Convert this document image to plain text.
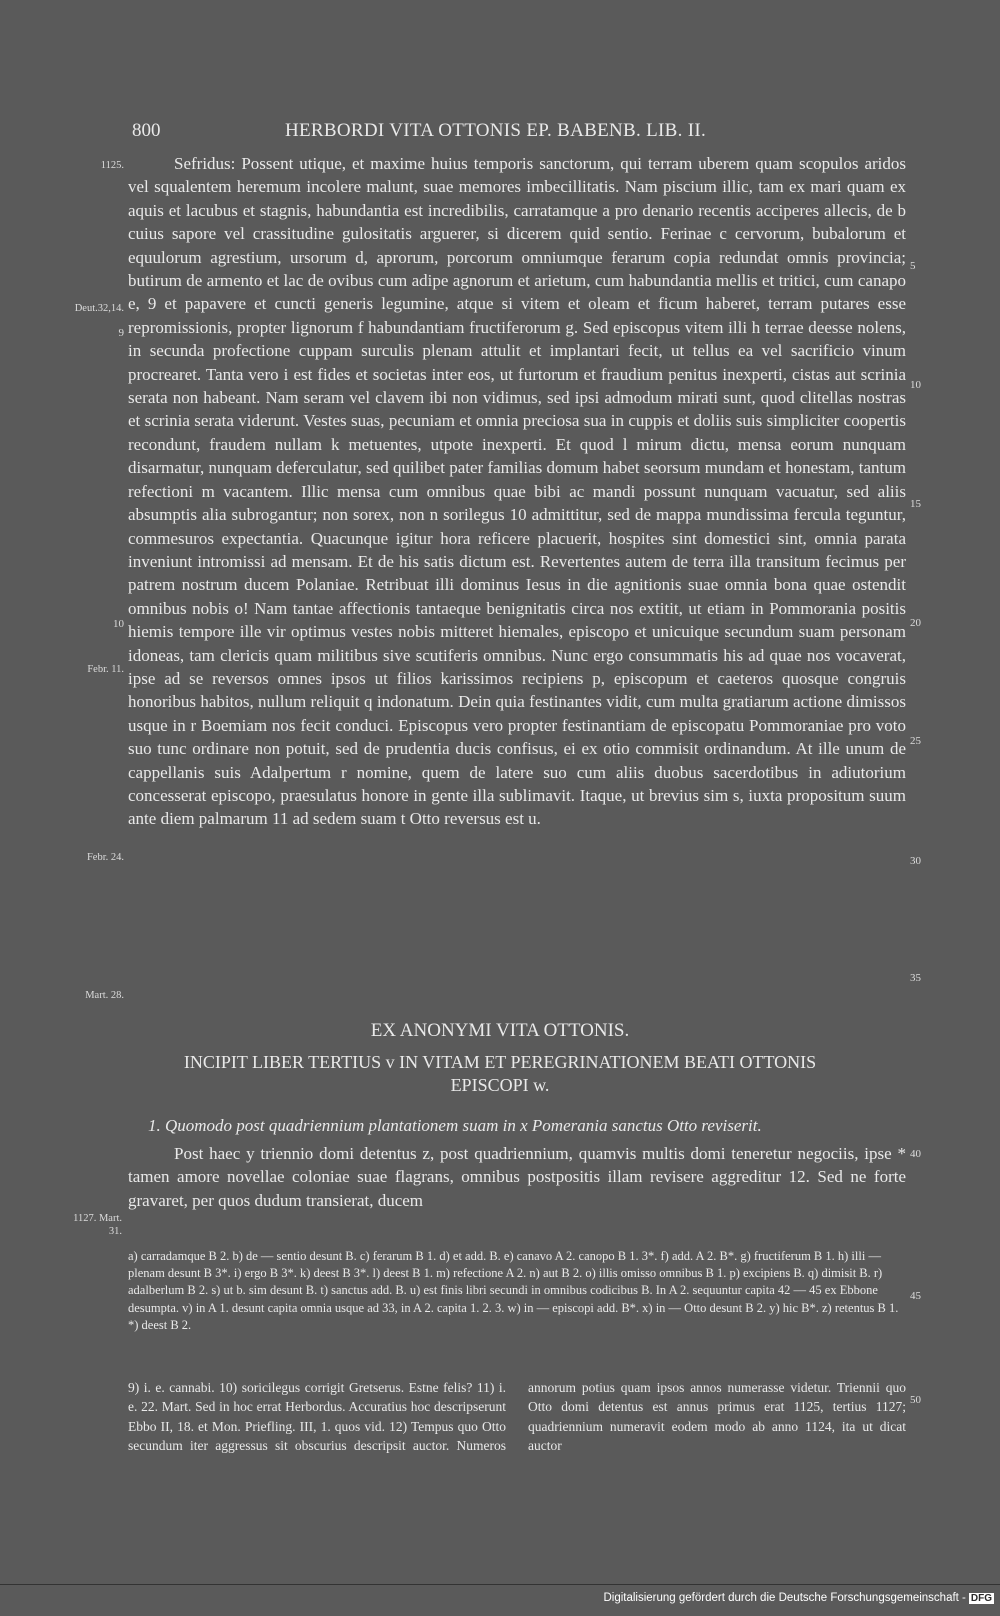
800	HERBORDI VITA OTTONIS EP. BABENB. LIB. II.
1125.
Deut.32,14.
9
10
Febr. 11.
Febr. 24.
Mart. 28.
5
10
15
20
25
30
35
40
45
50

Sefridus: Possent utique, et maxime huius temporis sanctorum, qui terram uberem quam scopulos aridos vel squalentem heremum incolere malunt, suae memores imbecillitatis. Nam piscium illic, tam ex mari quam ex aquis et lacubus et stagnis, habundantia est incredibilis, carratamque a pro denario recentis acciperes allecis, de b cuius sapore vel crassitudine gulositatis arguerer, si dicerem quid sentio. Ferinae c cervorum, bubalorum et equulorum agrestium, ursorum d, aprorum, porcorum omniumque ferarum copia redundat omnis provincia; butirum de armento et lac de ovibus cum adipe agnorum et arietum, cum habundantia mellis et tritici, cum canapo e, 9 et papavere et cuncti generis legumine, atque si vitem et oleam et ficum haberet, terram putares esse repromissionis, propter lignorum f habundantiam fructiferorum g. Sed episcopus vitem illi h terrae deesse nolens, in secunda profectione cuppam surculis plenam attulit et implantari fecit, ut tellus ea vel sacrificio vinum procrearet. Tanta vero i est fides et societas inter eos, ut furtorum et fraudium penitus inexperti, cistas aut scrinia serata non habeant. Nam seram vel clavem ibi non vidimus, sed ipsi admodum mirati sunt, quod clitellas nostras et scrinia serata viderunt. Vestes suas, pecuniam et omnia preciosa sua in cuppis et doliis suis simpliciter coopertis recondunt, fraudem nullam k metuentes, utpote inexperti. Et quod l mirum dictu, mensa eorum nunquam disarmatur, nunquam deferculatur, sed quilibet pater familias domum habet seorsum mundam et honestam, tantum refectioni m vacantem. Illic mensa cum omnibus quae bibi ac mandi possunt nunquam vacuatur, sed aliis absumptis alia subrogantur; non sorex, non n sorilegus 10 admittitur, sed de mappa mundissima fercula teguntur, commesuros expectantia. Quacunque igitur hora reficere placuerit, hospites sint domestici sint, omnia parata inveniunt intromissi ad mensam. Et de his satis dictum est. Revertentes autem de terra illa transitum fecimus per patrem nostrum ducem Polaniae. Retribuat illi dominus Iesus in die agnitionis suae omnia bona quae ostendit omnibus nobis o! Nam tantae affectionis tantaeque benignitatis circa nos extitit, ut etiam in Pommorania positis hiemis tempore ille vir optimus vestes nobis mitteret hiemales, episcopo et unicuique secundum suam personam idoneas, tam clericis quam militibus sive scutiferis omnibus. Nunc ergo consummatis his ad quae nos vocaverat, ipse ad se reversos omnes ipsos ut filios karissimos recipiens p, episcopum et caeteros quosque congruis honoribus habitos, nullum reliquit q indonatum. Dein quia festinantes vidit, cum multa gratiarum actione dimissos usque in r Boemiam nos fecit conduci. Episcopus vero propter festinantiam de episcopatu Pommoraniae pro voto suo tunc ordinare non potuit, sed de prudentia ducis confisus, ei ex otio commisit ordinandum. At ille unum de cappellanis suis Adalpertum r nomine, quem de latere suo cum aliis duobus sacerdotibus in adiutorium concesserat episcopo, praesulatus honore in gente illa sublimavit. Itaque, ut brevius sim s, iuxta propositum suum ante diem palmarum 11 ad sedem suam t Otto reversus est u.

EX ANONYMI VITA OTTONIS.
INCIPIT LIBER TERTIUS v IN VITAM ET PEREGRINATIONEM BEATI OTTONIS
EPISCOPI w.
1. Quomodo post quadriennium plantationem suam in x Pomerania sanctus Otto reviserit.

Post haec y triennio domi detentus z, post quadriennium, quamvis multis domi teneretur negociis, ipse * tamen amore novellae coloniae suae flagrans, omnibus postpositis illam revisere aggreditur 12. Sed ne forte gravaret, per quos dudum transierat, ducem

1127. Mart. 31.
a) carradamque B 2. b) de — sentio desunt B. c) ferarum B 1. d) et add. B. e) canavo A 2. canopo B 1. 3*. f) add. A 2. B*. g) fructiferum B 1. h) illi — plenam desunt B 3*. i) ergo B 3*. k) deest B 3*. l) deest B 1. m) refectione A 2. n) aut B 2. o) illis omisso omnibus B 1. p) excipiens B. q) dimisit B. r) adalberlum B 2. s) ut b. sim desunt B. t) sanctus add. B. u) est finis libri secundi in omnibus codicibus B. In A 2. sequuntur capita 42 — 45 ex Ebbone desumpta. v) in A 1. desunt capita omnia usque ad 33, in A 2. capita 1. 2. 3. w) in — episcopi add. B*. x) in — Otto desunt B 2. y) hic B*. z) retentus B 1. *) deest B 2.
9) i. e. cannabi. 10) soricilegus corrigit Gretserus. Estne felis? 11) i. e. 22. Mart. Sed in hoc errat Herbordus. Accuratius hoc descripserunt Ebbo II, 18. et Mon. Priefling. III, 1. quos vid. 12) Tempus quo Otto secundum iter aggressus sit obscurius descripsit auctor. Numeros annorum potius quam ipsos annos numerasse videtur. Triennii quo Otto domi detentus est annus primus erat 1125, tertius 1127; quadriennium numeravit eodem modo ab anno 1124, ita ut dicat auctor
Digitalisierung gefördert durch die Deutsche Forschungsgemeinschaft - DFG
